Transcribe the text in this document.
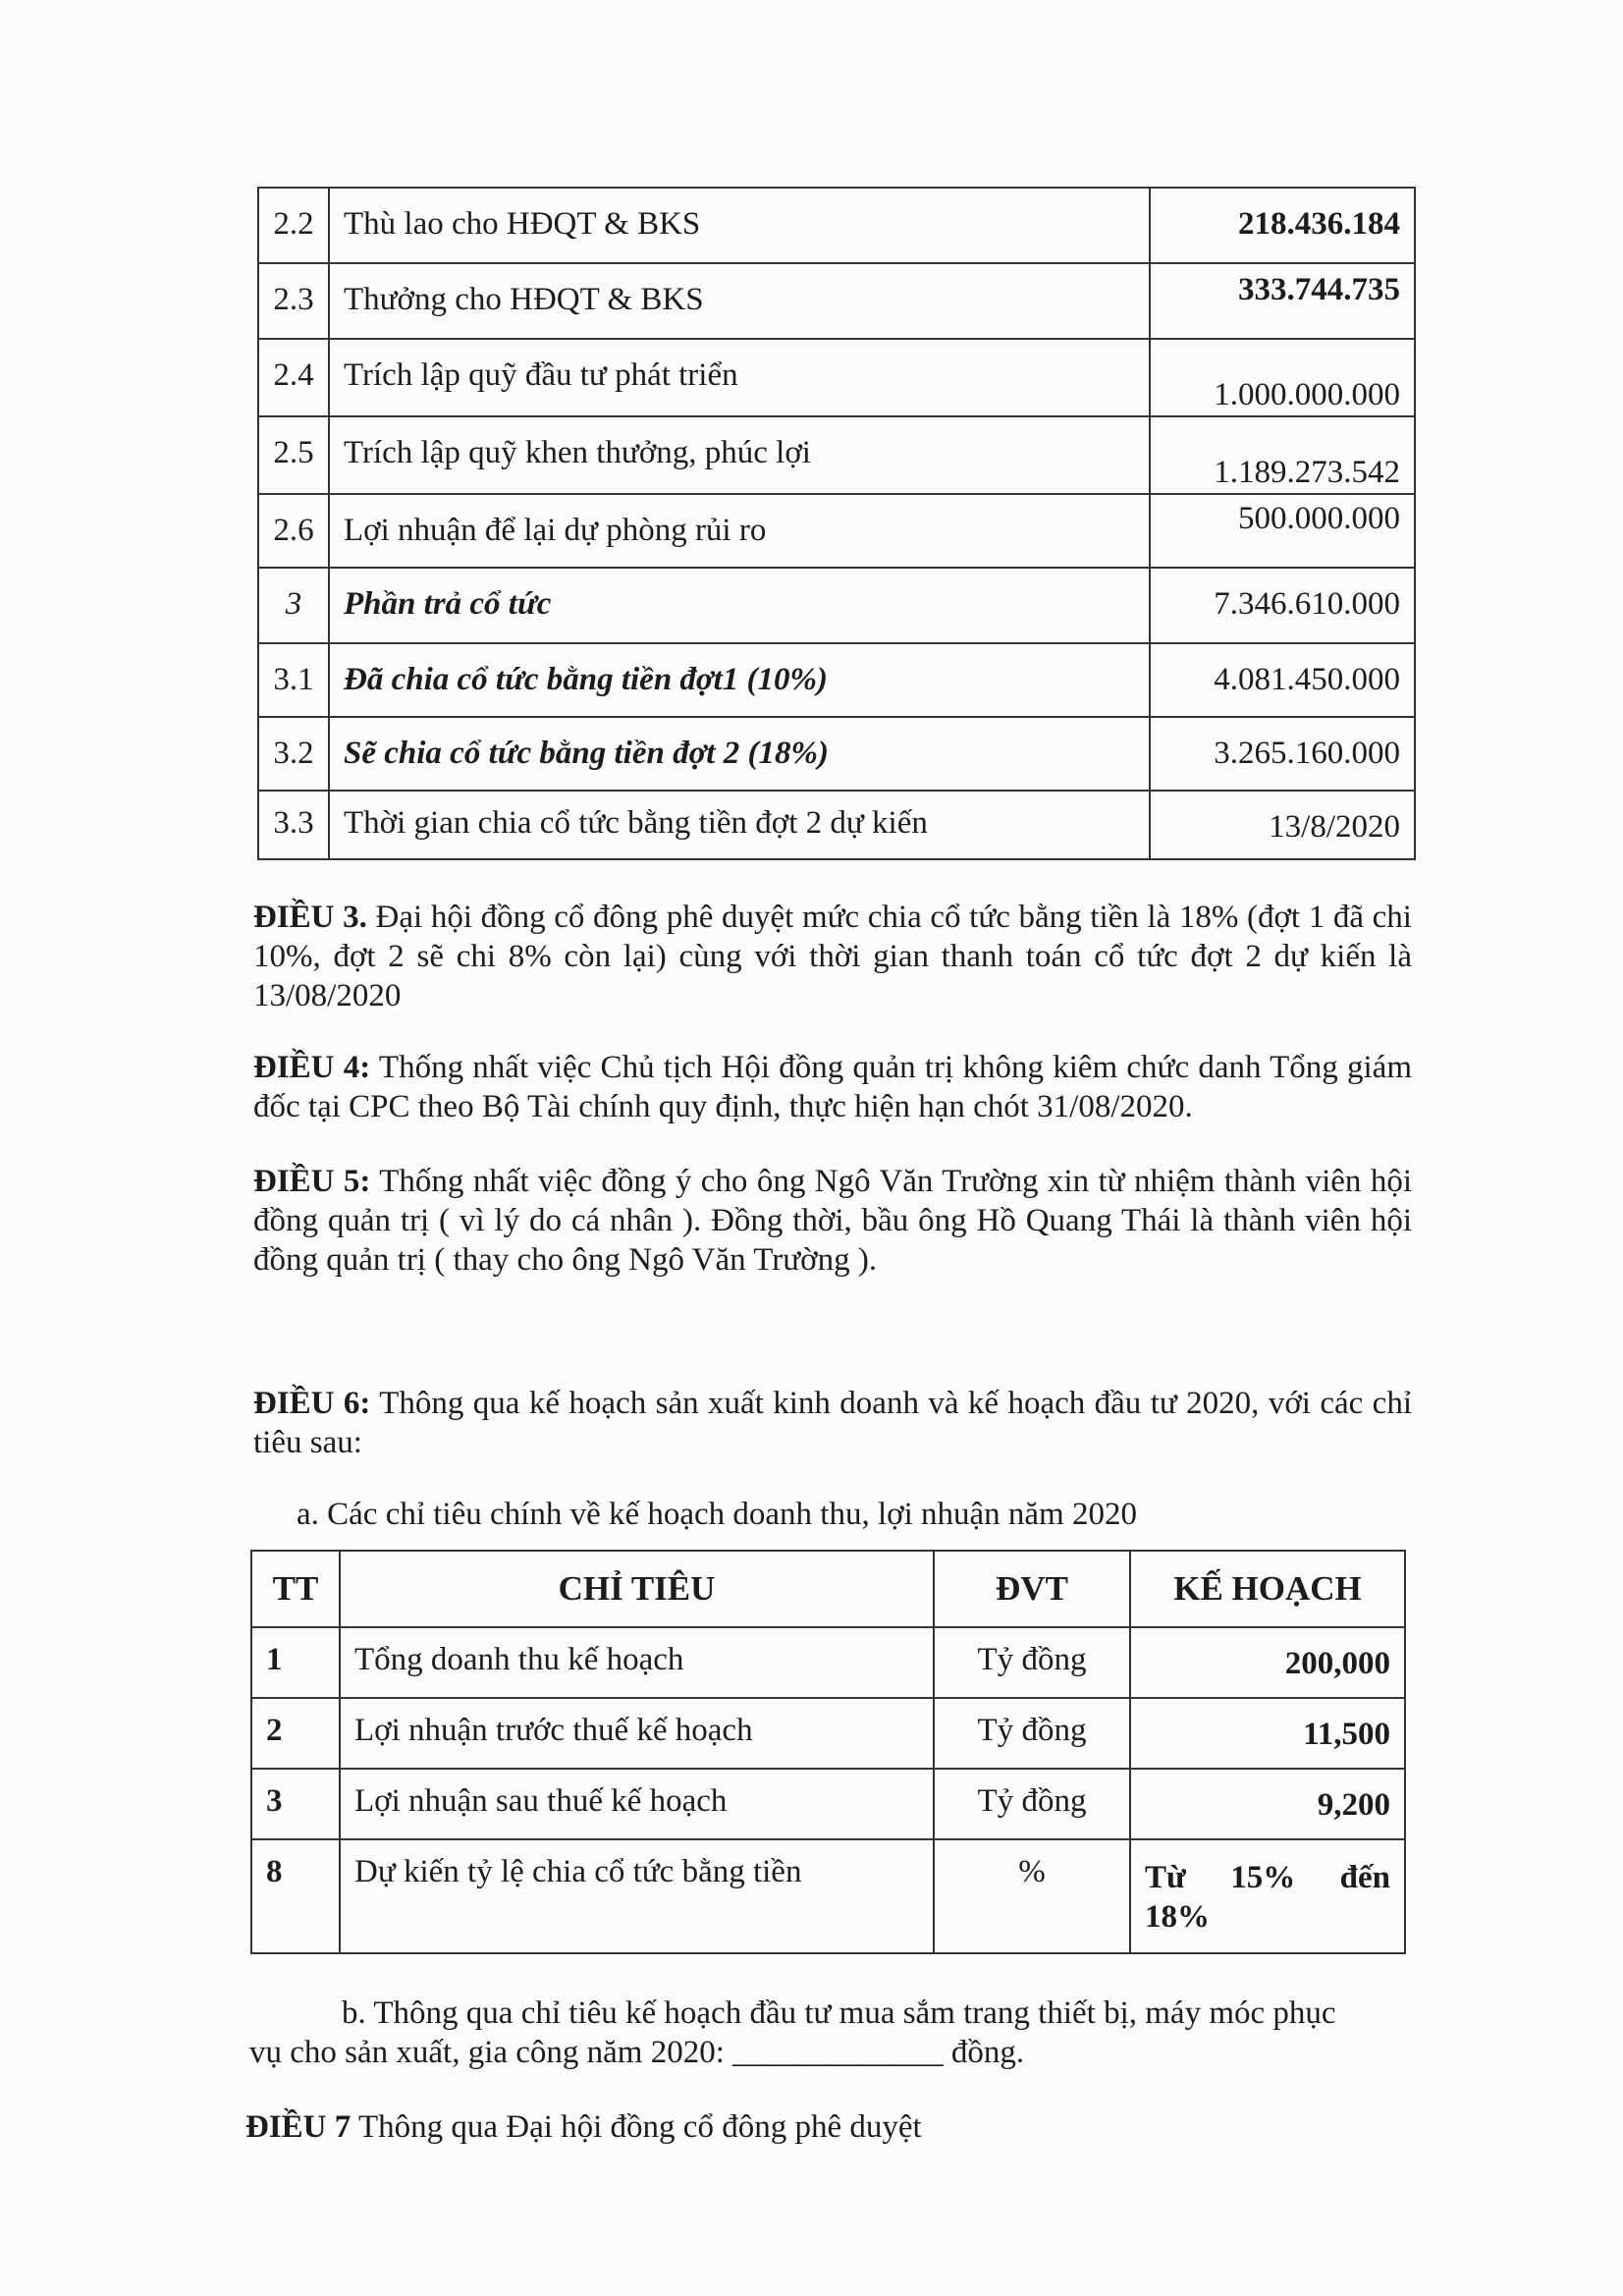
2.2	Thù lao cho HĐQT & BKS	218.436.184
2.3	Thưởng cho HĐQT & BKS	333.744.735
2.4	Trích lập quỹ đầu tư phát triển	1.000.000.000
2.5	Trích lập quỹ khen thưởng, phúc lợi	1.189.273.542
2.6	Lợi nhuận để lại dự phòng rủi ro	500.000.000
3	Phần trả cổ tức	7.346.610.000
3.1	Đã chia cổ tức bằng tiền đợt1 (10%)	4.081.450.000
3.2	Sẽ chia cổ tức bằng tiền đợt 2 (18%)	3.265.160.000
3.3	Thời gian chia cổ tức bằng tiền đợt 2 dự kiến	13/8/2020
ĐIỀU 3. Đại hội đồng cổ đông phê duyệt mức chia cổ tức bằng tiền là 18% (đợt 1 đã chi 10%, đợt 2 sẽ chi 8% còn lại) cùng với thời gian thanh toán cổ tức đợt 2 dự kiến là 13/08/2020
ĐIỀU 4: Thống nhất việc Chủ tịch Hội đồng quản trị không kiêm chức danh Tổng giám đốc tại CPC theo Bộ Tài chính quy định, thực hiện hạn chót 31/08/2020.
ĐIỀU 5: Thống nhất việc đồng ý cho ông Ngô Văn Trường xin từ nhiệm thành viên hội đồng quản trị ( vì lý do cá nhân ). Đồng thời, bầu ông Hồ Quang Thái là thành viên hội đồng quản trị ( thay cho ông Ngô Văn Trường ).
ĐIỀU 6: Thông qua kế hoạch sản xuất kinh doanh và kế hoạch đầu tư 2020, với các chỉ tiêu sau:
a. Các chỉ tiêu chính về kế hoạch doanh thu, lợi nhuận năm 2020
TT	CHỈ TIÊU	ĐVT	KẾ HOẠCH
1	Tổng doanh thu kế hoạch	Tỷ đồng	200,000
2	Lợi nhuận trước thuế kế hoạch	Tỷ đồng	11,500
3	Lợi nhuận sau thuế kế hoạch	Tỷ đồng	9,200
8	Dự kiến tỷ lệ chia cổ tức bằng tiền	%	Từ 15% đến
18%
b. Thông qua chỉ tiêu kế hoạch đầu tư mua sắm trang thiết bị, máy móc phục
vụ cho sản xuất, gia công năm 2020: _____________ đồng.
ĐIỀU 7 Thông qua Đại hội đồng cổ đông phê duyệt
